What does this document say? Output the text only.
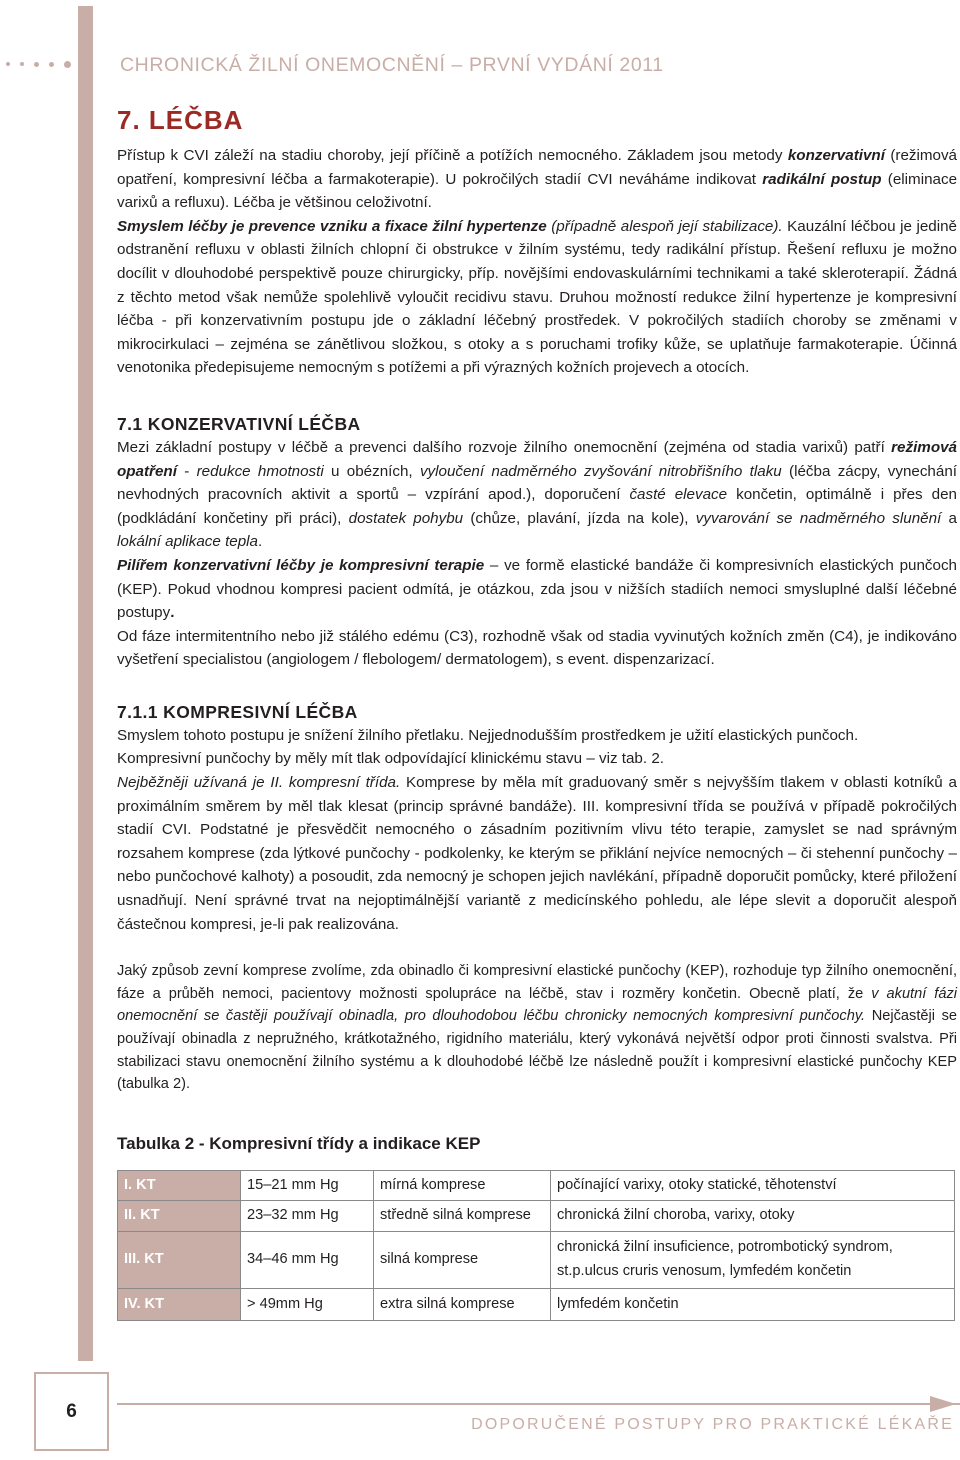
CHRONICKÁ ŽILNÍ ONEMOCNĚNÍ – PRVNÍ VYDÁNÍ 2011
7. LÉČBA

Přístup k CVI záleží na stadiu choroby, její příčině a potížích nemocného. Základem jsou metody konzervativní (režimová opatření, kompresivní léčba a farmakoterapie). U pokročilých stadií CVI neváháme indikovat radikální postup (eliminace varixů a refluxu). Léčba je většinou celoživotní.

Smyslem léčby je prevence vzniku a fixace žilní hypertenze (případně alespoň její stabilizace). Kauzální léčbou je jedině odstranění refluxu v oblasti žilních chlopní či obstrukce v žilním systému, tedy radikální přístup. Řešení refluxu je možno docílit v dlouhodobé perspektivě pouze chirurgicky, příp. novějšími endovaskulárními technikami a také skleroterapií. Žádná z těchto metod však nemůže spolehlivě vyloučit recidivu stavu. Druhou možností redukce žilní hypertenze je kompresivní léčba - při konzervativním postupu jde o základní léčebný prostředek. V pokročilých stadiích choroby se změnami v mikrocirkulaci – zejména se zánětlivou složkou, s otoky a s poruchami trofiky kůže, se uplatňuje farmakoterapie. Účinná venotonika předepisujeme nemocným s potížemi a při výrazných kožních projevech a otocích.

7.1 KONZERVATIVNÍ LÉČBA

Mezi základní postupy v léčbě a prevenci dalšího rozvoje žilního onemocnění (zejména od stadia varixů) patří režimová opatření - redukce hmotnosti u obézních, vyloučení nadměrného zvyšování nitrobřišního tlaku (léčba zácpy, vynechání nevhodných pracovních aktivit a sportů – vzpírání apod.), doporučení časté elevace končetin, optimálně i přes den (podkládání končetiny při práci), dostatek pohybu (chůze, plavání, jízda na kole), vyvarování se nadměrného slunění a lokální aplikace tepla.

Pilířem konzervativní léčby je kompresivní terapie – ve formě elastické bandáže či kompresivních elastických punčoch (KEP). Pokud vhodnou kompresi pacient odmítá, je otázkou, zda jsou v nižších stadiích nemoci smysluplné další léčebné postupy.

Od fáze intermitentního nebo již stálého edému (C3), rozhodně však od stadia vyvinutých kožních změn (C4), je indikováno vyšetření specialistou (angiologem / flebologem/ dermatologem), s event. dispenzarizací.

7.1.1 KOMPRESIVNÍ LÉČBA

Smyslem tohoto postupu je snížení žilního přetlaku. Nejjednodušším prostředkem je užití elastických punčoch.

Kompresivní punčochy by měly mít tlak odpovídající klinickému stavu – viz tab. 2.

Nejběžněji užívaná je II. kompresní třída. Komprese by měla mít graduovaný směr s nejvyšším tlakem v oblasti kotníků a proximálním směrem by měl tlak klesat (princip správné bandáže). III. kompresivní třída se používá v případě pokročilých stadií CVI. Podstatné je přesvědčit nemocného o zásadním pozitivním vlivu této terapie, zamyslet se nad správným rozsahem komprese (zda lýtkové punčochy - podkolenky, ke kterým se přiklání nejvíce nemocných – či stehenní punčochy – nebo punčochové kalhoty) a posoudit, zda nemocný je schopen jejich navlékání, případně doporučit pomůcky, které přiložení usnadňují. Není správné trvat na nejoptimálnější variantě z medicínského pohledu, ale lépe slevit a doporučit alespoň částečnou kompresi, je-li pak realizována.

Jaký způsob zevní komprese zvolíme, zda obinadlo či kompresivní elastické punčochy (KEP), rozhoduje typ žilního onemocnění, fáze a průběh nemoci, pacientovy možnosti spolupráce na léčbě, stav i rozměry končetin. Obecně platí, že v akutní fázi onemocnění se častěji používají obinadla, pro dlouhodobou léčbu chronicky nemocných kompresivní punčochy. Nejčastěji se používají obinadla z nepružného, krátkotažného, rigidního materiálu, který vykonává největší odpor proti činnosti svalstva. Při stabilizaci stavu onemocnění žilního systému a k dlouhodobé léčbě lze následně použít i kompresivní elastické punčochy KEP (tabulka 2).

Tabulka 2 - Kompresivní třídy a indikace KEP
I. KT	15–21 mm Hg	mírná komprese	počínající varixy, otoky statické, těhotenství
II. KT	23–32 mm Hg	středně silná komprese	chronická žilní choroba, varixy, otoky
III. KT	34–46 mm Hg	silná komprese	chronická žilní insuficience, potrombotický syndrom, st.p.ulcus cruris venosum, lymfedém končetin
IV. KT	> 49mm Hg	extra silná komprese	lymfedém končetin
6
DOPORUČENÉ POSTUPY PRO PRAKTICKÉ LÉKAŘE
